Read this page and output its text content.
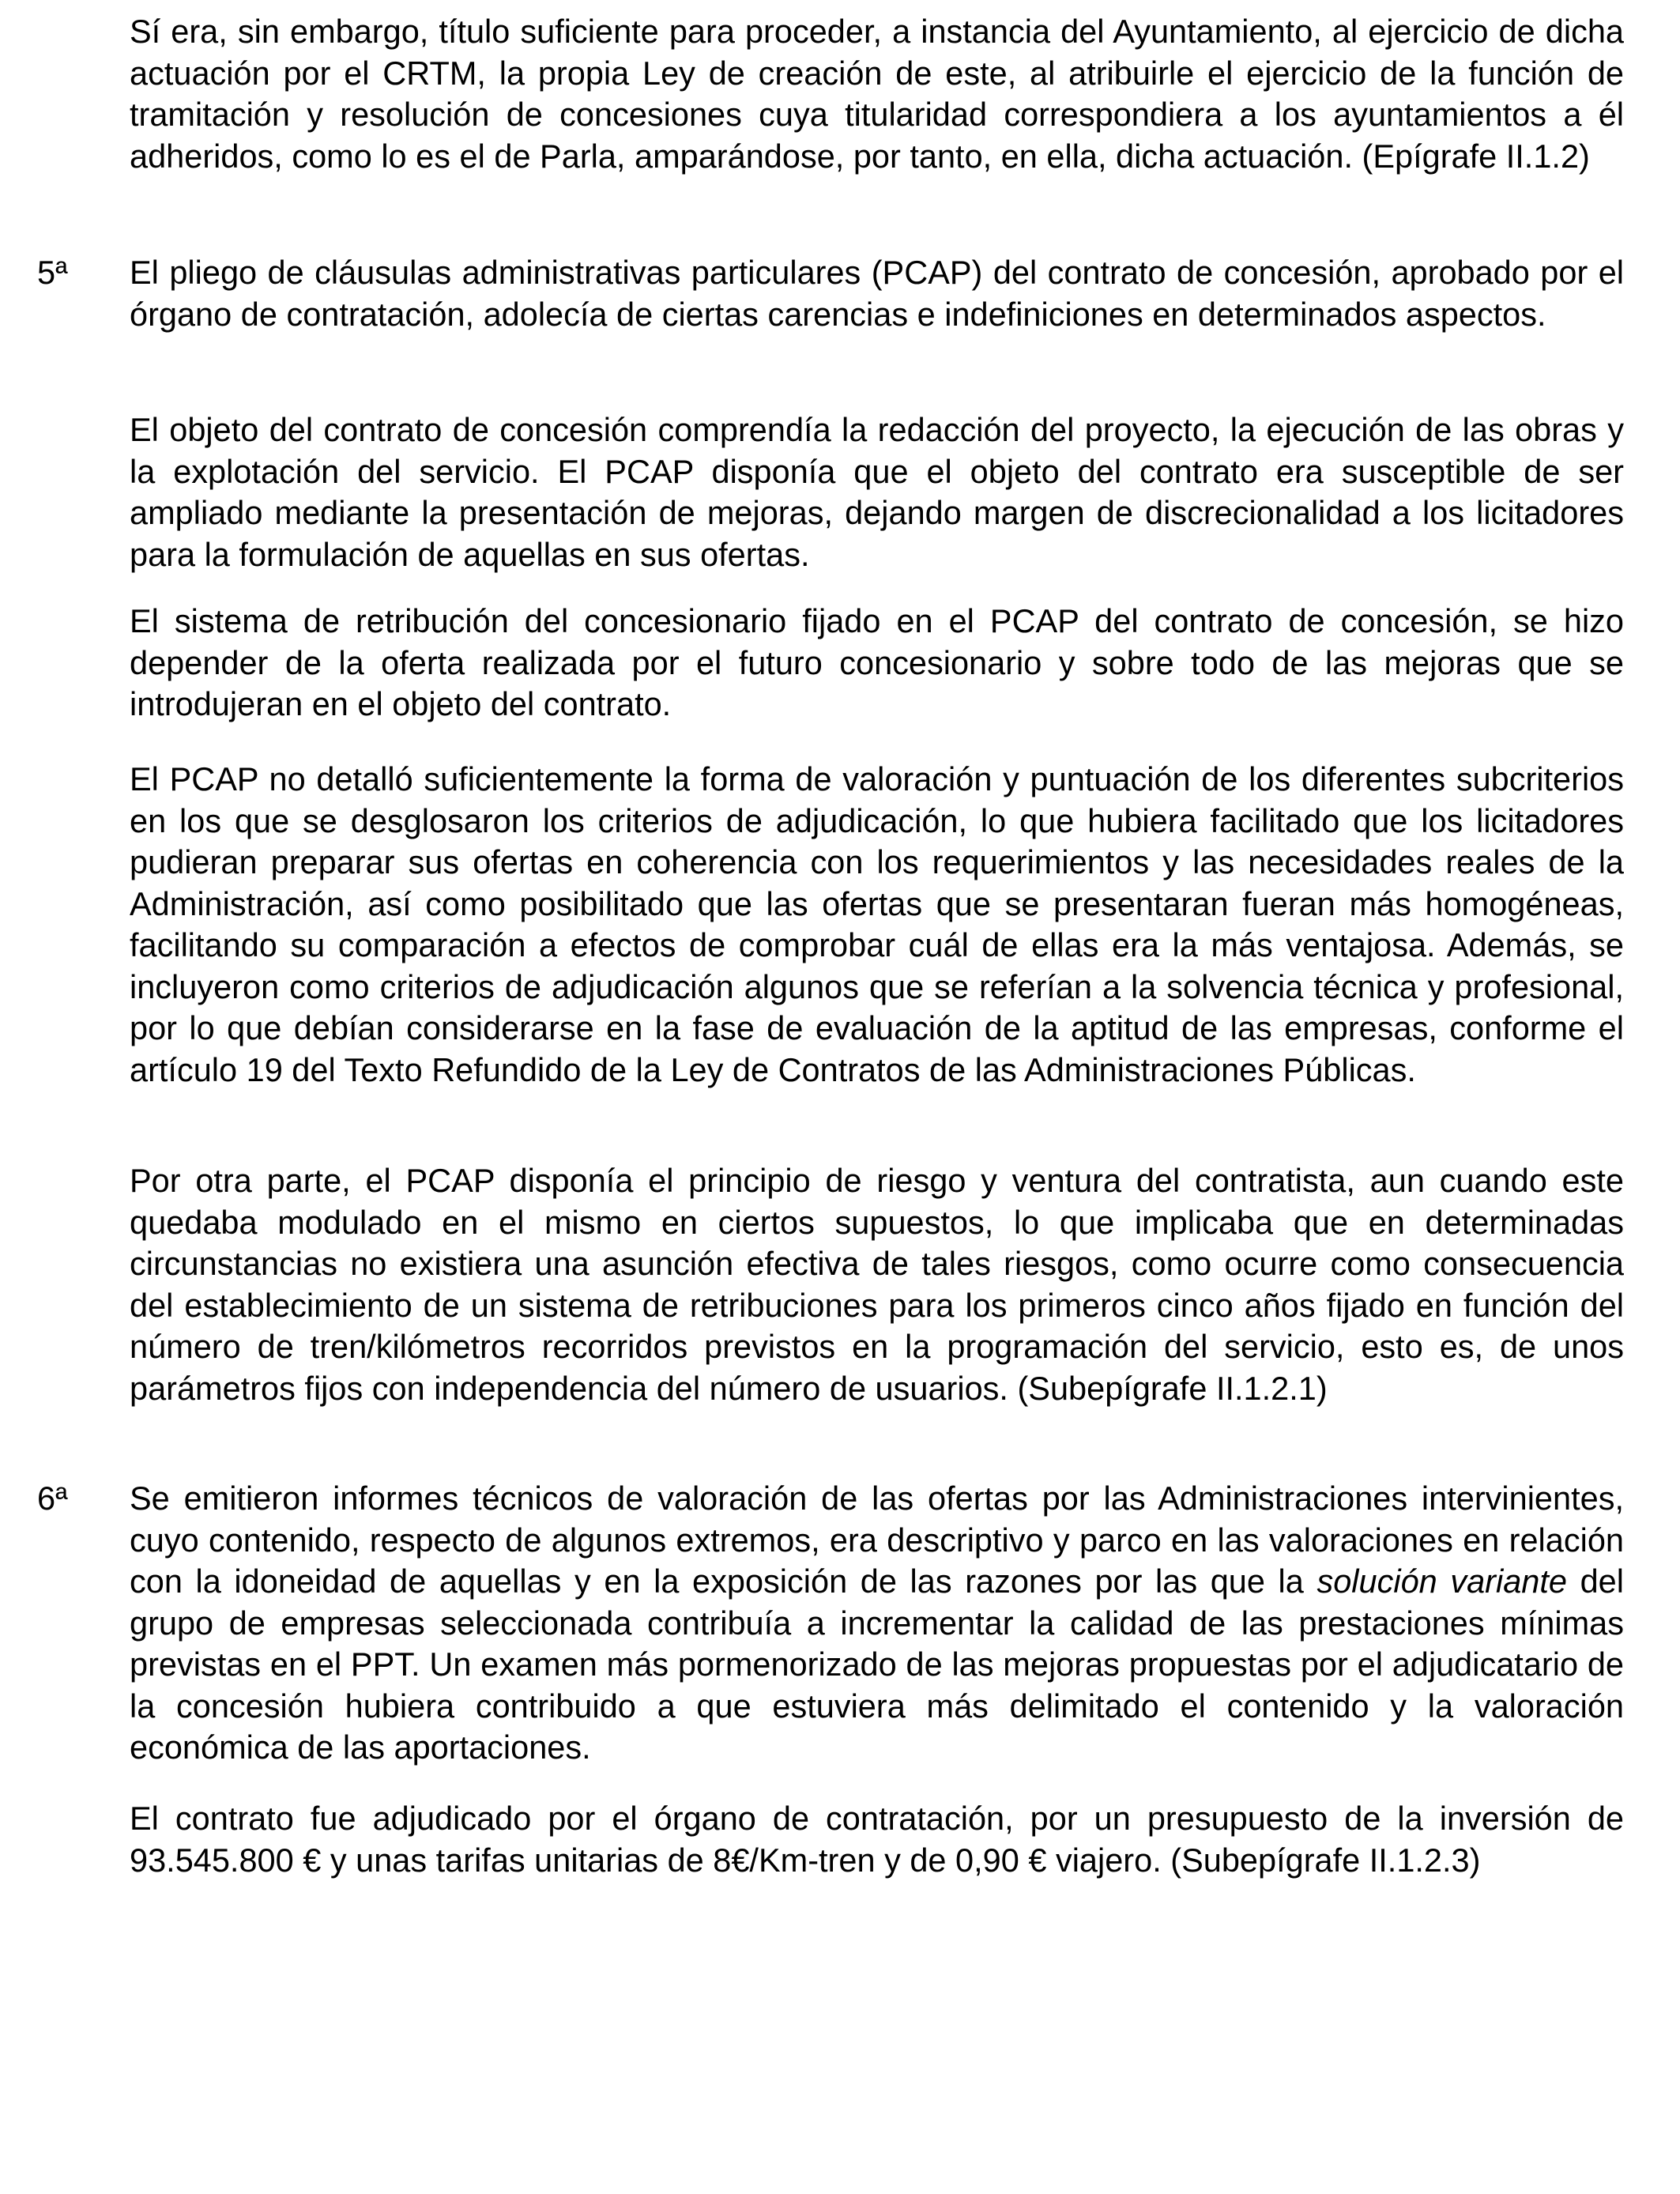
Sí era, sin embargo, título suficiente para proceder, a instancia del Ayuntamiento, al ejercicio de dicha actuación por el CRTM, la propia Ley de creación de este, al atribuirle el ejercicio de la función de tramitación y resolución de concesiones cuya titularidad correspondiera a los ayuntamientos a él adheridos, como lo es el de Parla, amparándose, por tanto, en ella, dicha actuación. (Epígrafe II.1.2)

5ª	El pliego de cláusulas administrativas particulares (PCAP) del contrato de concesión, aprobado por el órgano de contratación, adolecía de ciertas carencias e indefiniciones en determinados aspectos.

El objeto del contrato de concesión comprendía la redacción del proyecto, la ejecución de las obras y la explotación del servicio. El PCAP disponía que el objeto del contrato era susceptible de ser ampliado mediante la presentación de mejoras, dejando margen de discrecionalidad a los licitadores para la formulación de aquellas en sus ofertas.

El sistema de retribución del concesionario fijado en el PCAP del contrato de concesión, se hizo depender de la oferta realizada por el futuro concesionario y sobre todo de las mejoras que se introdujeran en el objeto del contrato.

El PCAP no detalló suficientemente la forma de valoración y puntuación de los diferentes subcriterios en los que se desglosaron los criterios de adjudicación, lo que hubiera facilitado que los licitadores pudieran preparar sus ofertas en coherencia con los requerimientos y las necesidades reales de la Administración, así como posibilitado que las ofertas que se presentaran fueran más homogéneas, facilitando su comparación a efectos de comprobar cuál de ellas era la más ventajosa. Además, se incluyeron como criterios de adjudicación algunos que se referían a la solvencia técnica y profesional, por lo que debían considerarse en la fase de evaluación de la aptitud de las empresas, conforme el artículo 19 del Texto Refundido de la Ley de Contratos de las Administraciones Públicas.

Por otra parte, el PCAP disponía el principio de riesgo y ventura del contratista, aun cuando este quedaba modulado en el mismo en ciertos supuestos, lo que implicaba que en determinadas circunstancias no existiera una asunción efectiva de tales riesgos, como ocurre como consecuencia del establecimiento de un sistema de retribuciones para los primeros cinco años fijado en función del número de tren/kilómetros recorridos previstos en la programación del servicio, esto es, de unos parámetros fijos con independencia del número de usuarios. (Subepígrafe II.1.2.1)

6ª	Se emitieron informes técnicos de valoración de las ofertas por las Administraciones intervinientes, cuyo contenido, respecto de algunos extremos, era descriptivo y parco en las valoraciones en relación con la idoneidad de aquellas y en la exposición de las razones por las que la solución variante del grupo de empresas seleccionada contribuía a incrementar la calidad de las prestaciones mínimas previstas en el PPT. Un examen más pormenorizado de las mejoras propuestas por el adjudicatario de la concesión hubiera contribuido a que estuviera más delimitado el contenido y la valoración económica de las aportaciones.

El contrato fue adjudicado por el órgano de contratación, por un presupuesto de la inversión de 93.545.800 € y unas tarifas unitarias de 8€/Km-tren y de 0,90 € viajero. (Subepígrafe II.1.2.3)
